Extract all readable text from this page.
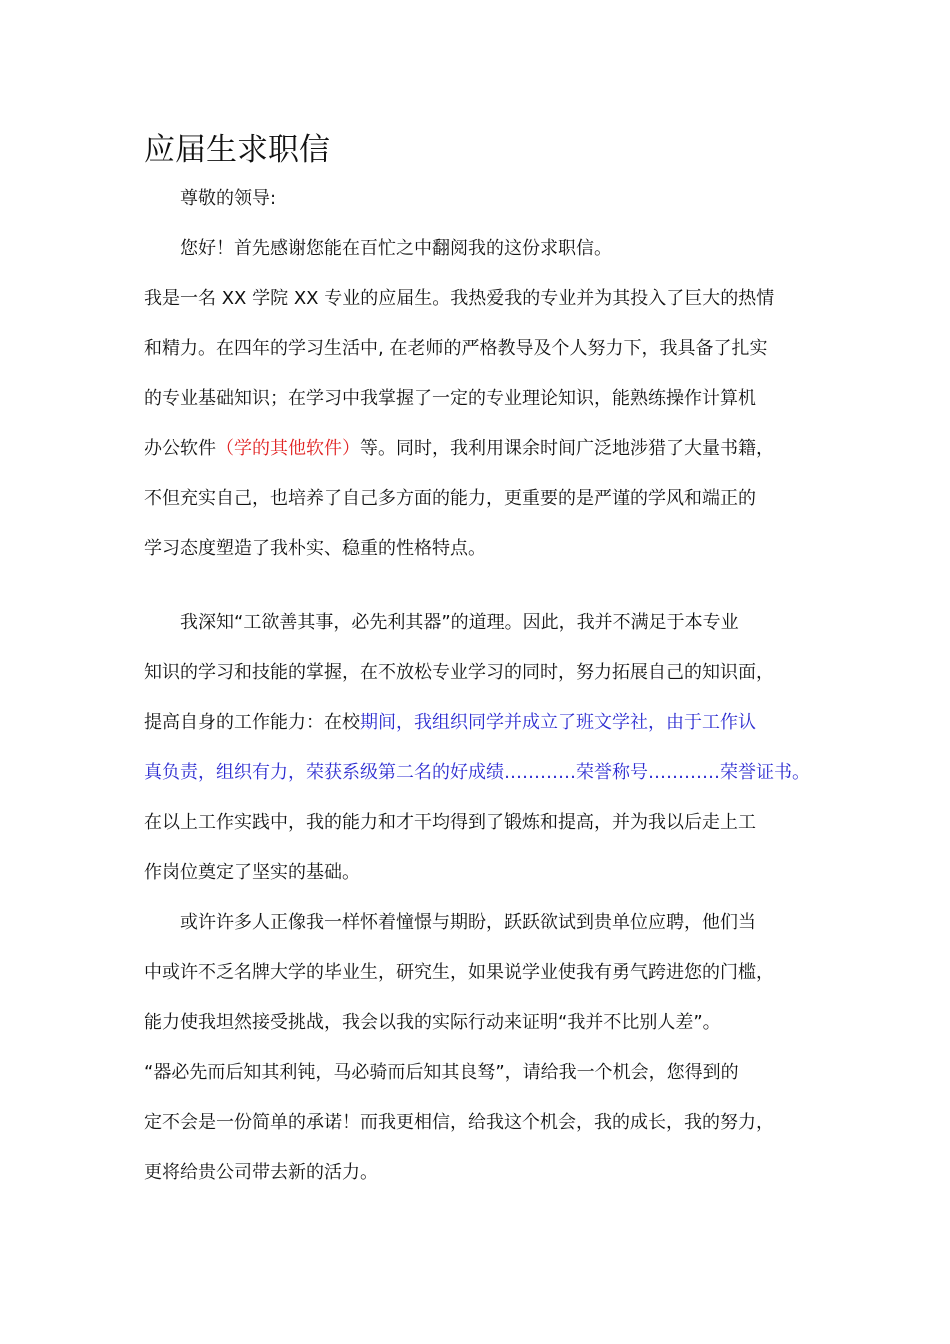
应届生求职信
尊敬的领导:
您好！首先感谢您能在百忙之中翻阅我的这份求职信。
我是一名 XX 学院 XX 专业的应届生。我热爱我的专业并为其投入了巨大的热情
和精力。在四年的学习生活中, 在老师的严格教导及个人努力下，我具备了扎实
的专业基础知识；在学习中我掌握了一定的专业理论知识，能熟练操作计算机
办公软件（学的其他软件）等。同时，我利用课余时间广泛地涉猎了大量书籍，
不但充实自己，也培养了自己多方面的能力，更重要的是严谨的学风和端正的
学习态度塑造了我朴实、稳重的性格特点。
我深知“工欲善其事，必先利其器”的道理。因此，我并不满足于本专业
知识的学习和技能的掌握，在不放松专业学习的同时，努力拓展自己的知识面，
提高自身的工作能力：在校期间，我组织同学并成立了班文学社，由于工作认
真负责，组织有力，荣获系级第二名的好成绩…………荣誉称号…………荣誉证书。
在以上工作实践中，我的能力和才干均得到了锻炼和提高，并为我以后走上工
作岗位奠定了坚实的基础。
或许许多人正像我一样怀着憧憬与期盼，跃跃欲试到贵单位应聘，他们当
中或许不乏名牌大学的毕业生，研究生，如果说学业使我有勇气跨进您的门槛，
能力使我坦然接受挑战，我会以我的实际行动来证明“我并不比别人差”。
“器必先而后知其利钝，马必骑而后知其良驽”，请给我一个机会，您得到的
定不会是一份简单的承诺！而我更相信，给我这个机会，我的成长，我的努力，
更将给贵公司带去新的活力。
